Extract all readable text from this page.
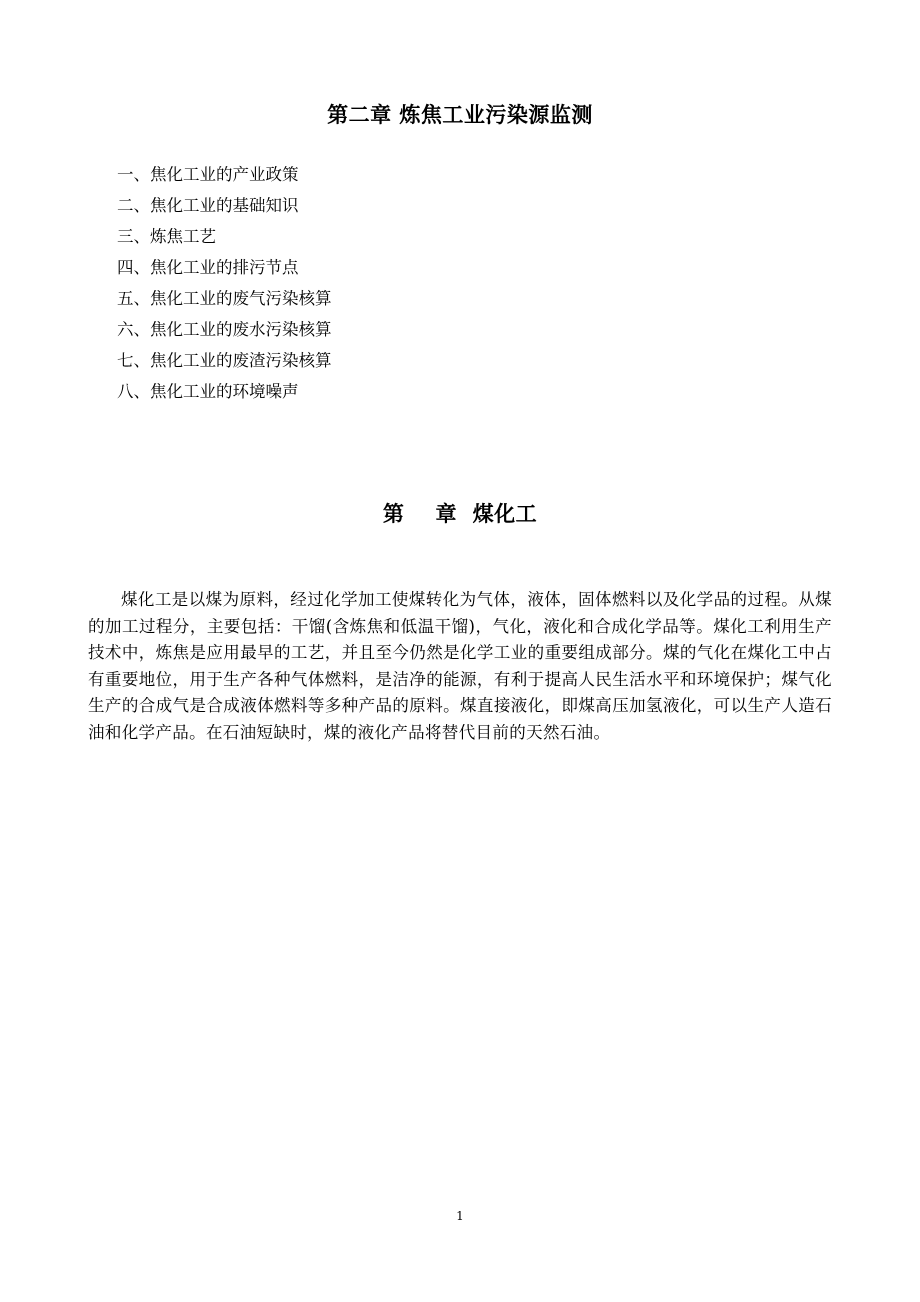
第二章 炼焦工业污染源监测
一、焦化工业的产业政策
二、焦化工业的基础知识
三、炼焦工艺
四、焦化工业的排污节点
五、焦化工业的废气污染核算
六、焦化工业的废水污染核算
七、焦化工业的废渣污染核算
八、焦化工业的环境噪声
第    章  煤化工

煤化工是以煤为原料，经过化学加工使煤转化为气体，液体，固体燃料以及化学品的过程。从煤的加工过程分，主要包括：干馏(含炼焦和低温干馏)，气化，液化和合成化学品等。煤化工利用生产技术中，炼焦是应用最早的工艺，并且至今仍然是化学工业的重要组成部分。煤的气化在煤化工中占有重要地位，用于生产各种气体燃料，是洁净的能源，有利于提高人民生活水平和环境保护；煤气化生产的合成气是合成液体燃料等多种产品的原料。煤直接液化，即煤高压加氢液化，可以生产人造石油和化学产品。在石油短缺时，煤的液化产品将替代目前的天然石油。

1
